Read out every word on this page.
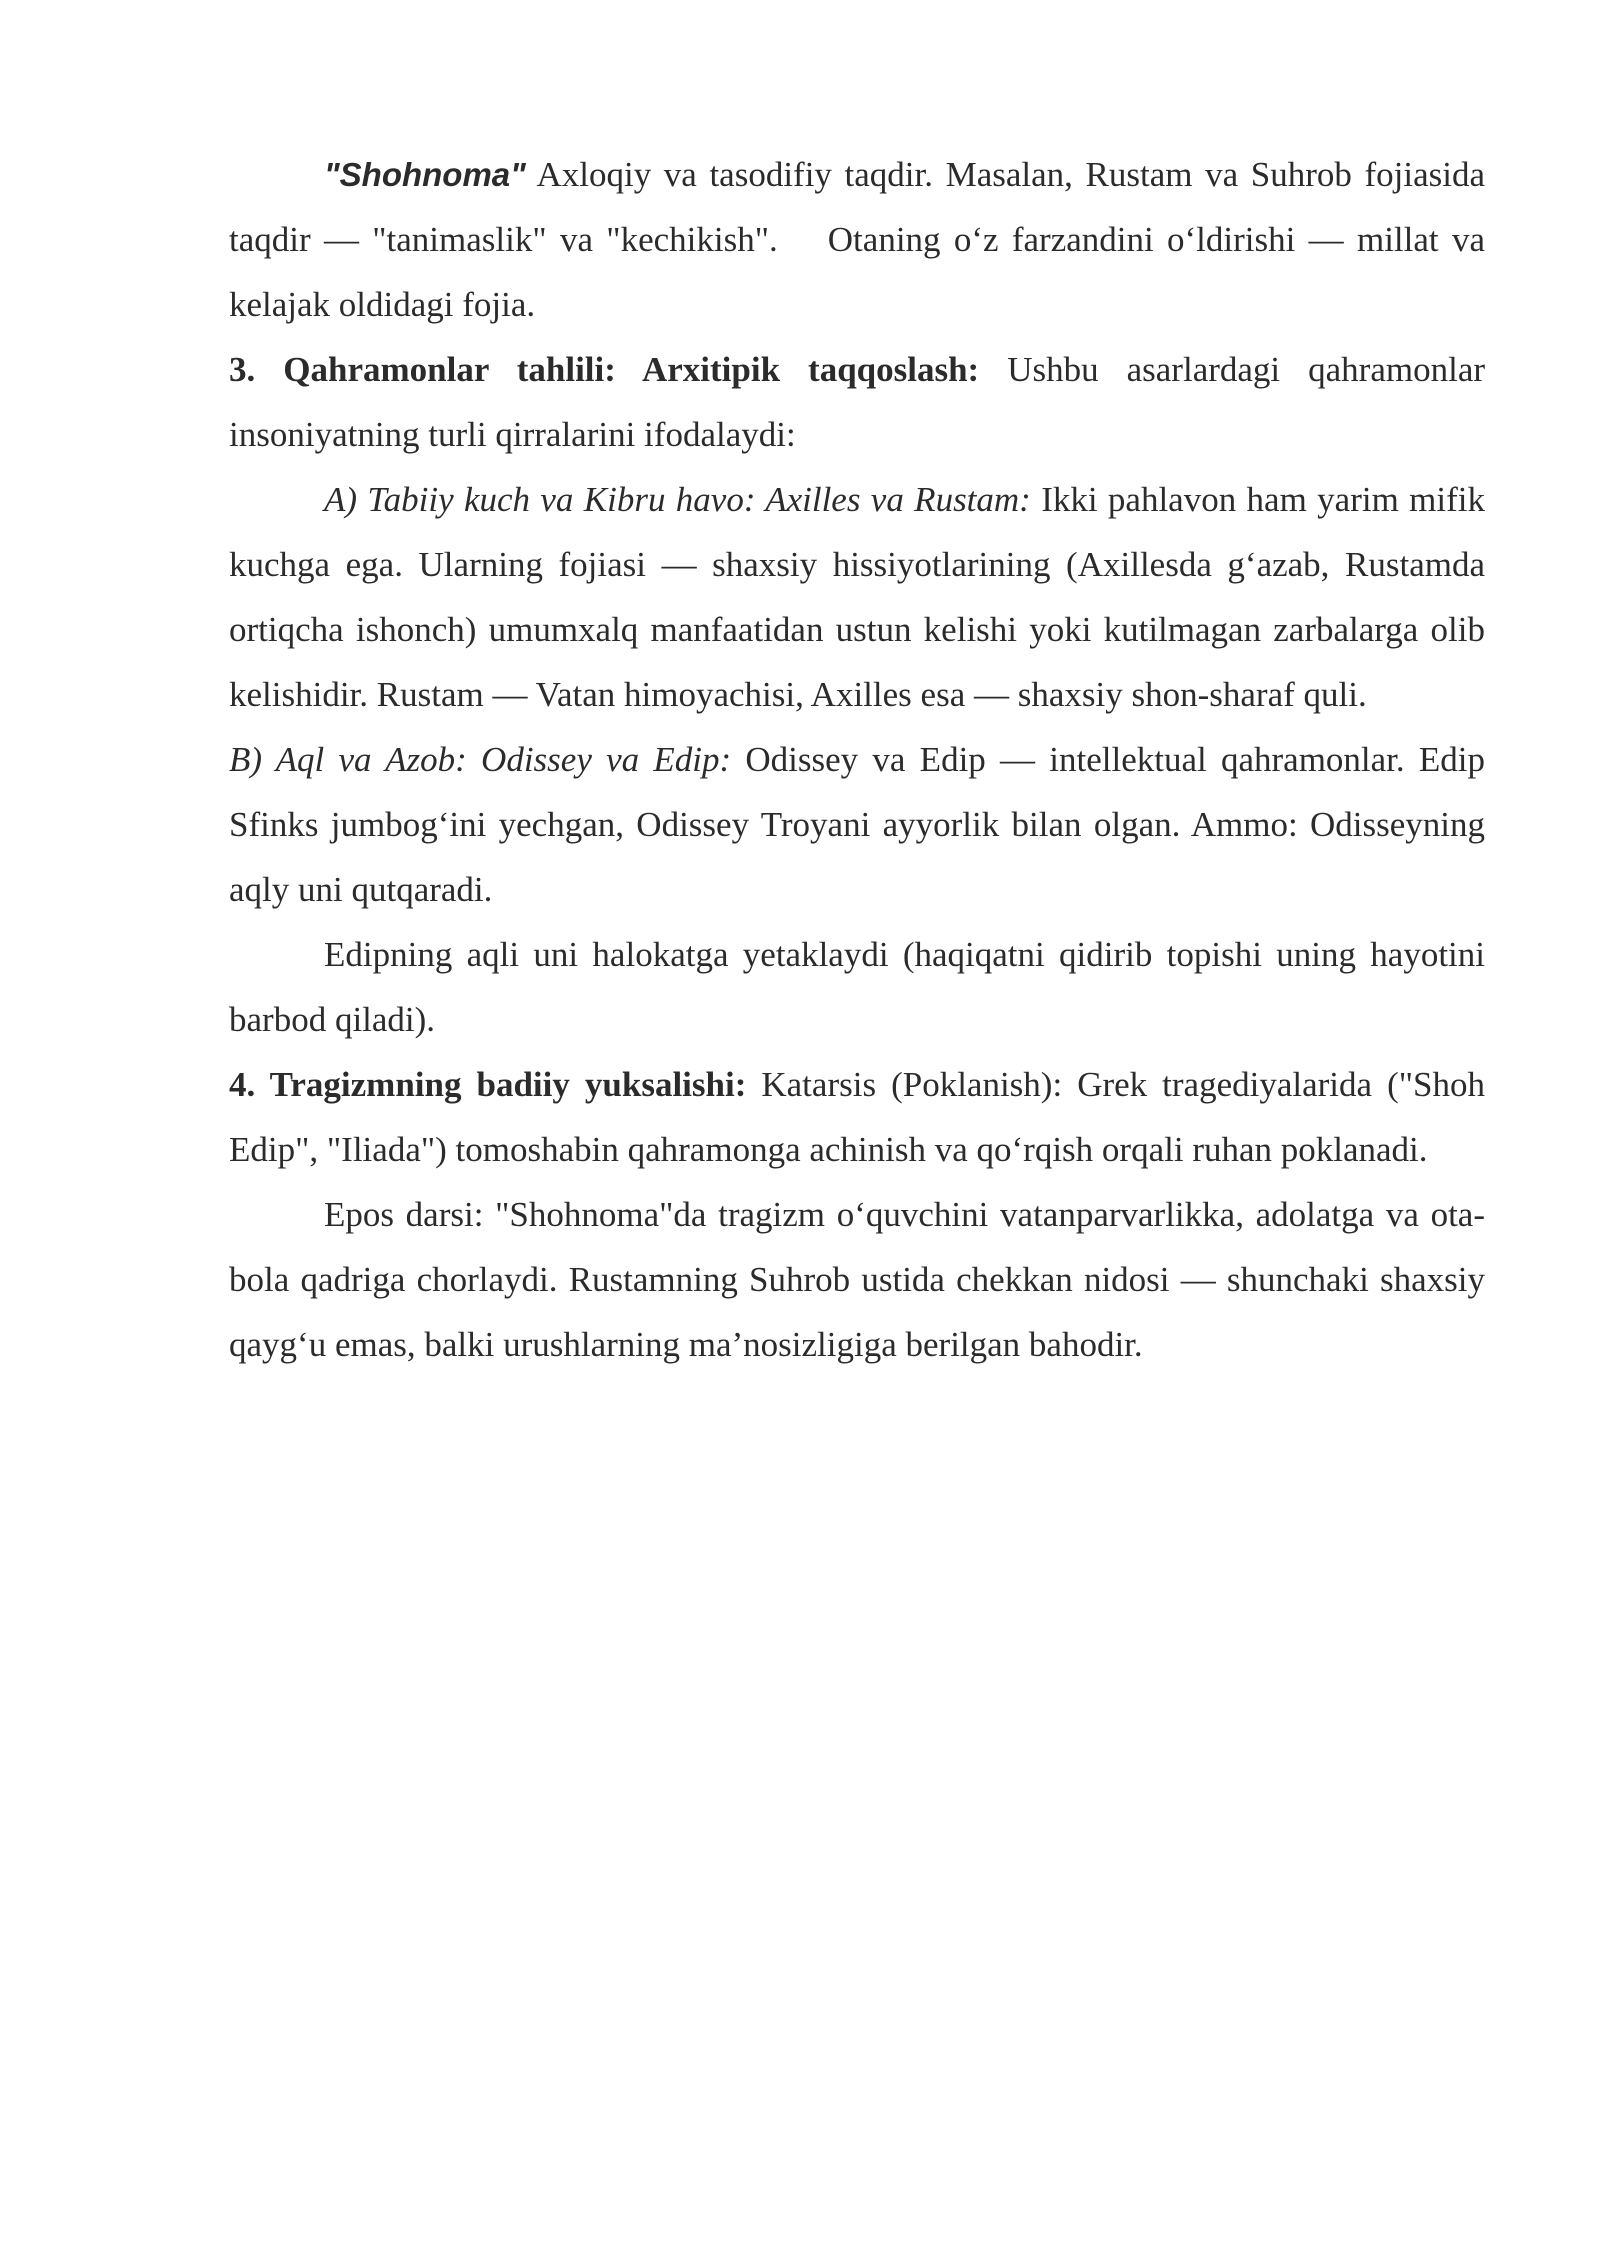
"Shohnoma" Axloqiy va tasodifiy taqdir. Masalan, Rustam va Suhrob fojiasida taqdir — "tanimaslik" va "kechikish". Otaning o‘z farzandini o‘ldirishi — millat va kelajak oldidagi fojia.

3. Qahramonlar tahlili: Arxitipik taqqoslash: Ushbu asarlardagi qahramonlar insoniyatning turli qirralarini ifodalaydi:

A) Tabiiy kuch va Kibru havo: Axilles va Rustam: Ikki pahlavon ham yarim mifik kuchga ega. Ularning fojiasi — shaxsiy hissiyotlarining (Axillesda g‘azab, Rustamda ortiqcha ishonch) umumxalq manfaatidan ustun kelishi yoki kutilmagan zarbalarga olib kelishidir. Rustam — Vatan himoyachisi, Axilles esa — shaxsiy shon-sharaf quli.

B) Aql va Azob: Odissey va Edip: Odissey va Edip — intellektual qahramonlar. Edip Sfinks jumbog‘ini yechgan, Odissey Troyani ayyorlik bilan olgan. Ammo: Odisseyning aqly uni qutqaradi.

Edipning aqli uni halokatga yetaklaydi (haqiqatni qidirib topishi uning hayotini barbod qiladi).

4. Tragizmning badiiy yuksalishi: Katarsis (Poklanish): Grek tragediyalarida ("Shoh Edip", "Iliada") tomoshabin qahramonga achinish va qo‘rqish orqali ruhan poklanadi.

Epos darsi: "Shohnoma"da tragizm o‘quvchini vatanparvarlikka, adolatga va ota-bola qadriga chorlaydi. Rustamning Suhrob ustida chekkan nidosi — shunchaki shaxsiy qayg‘u emas, balki urushlarning ma’nosizligiga berilgan bahodir.
